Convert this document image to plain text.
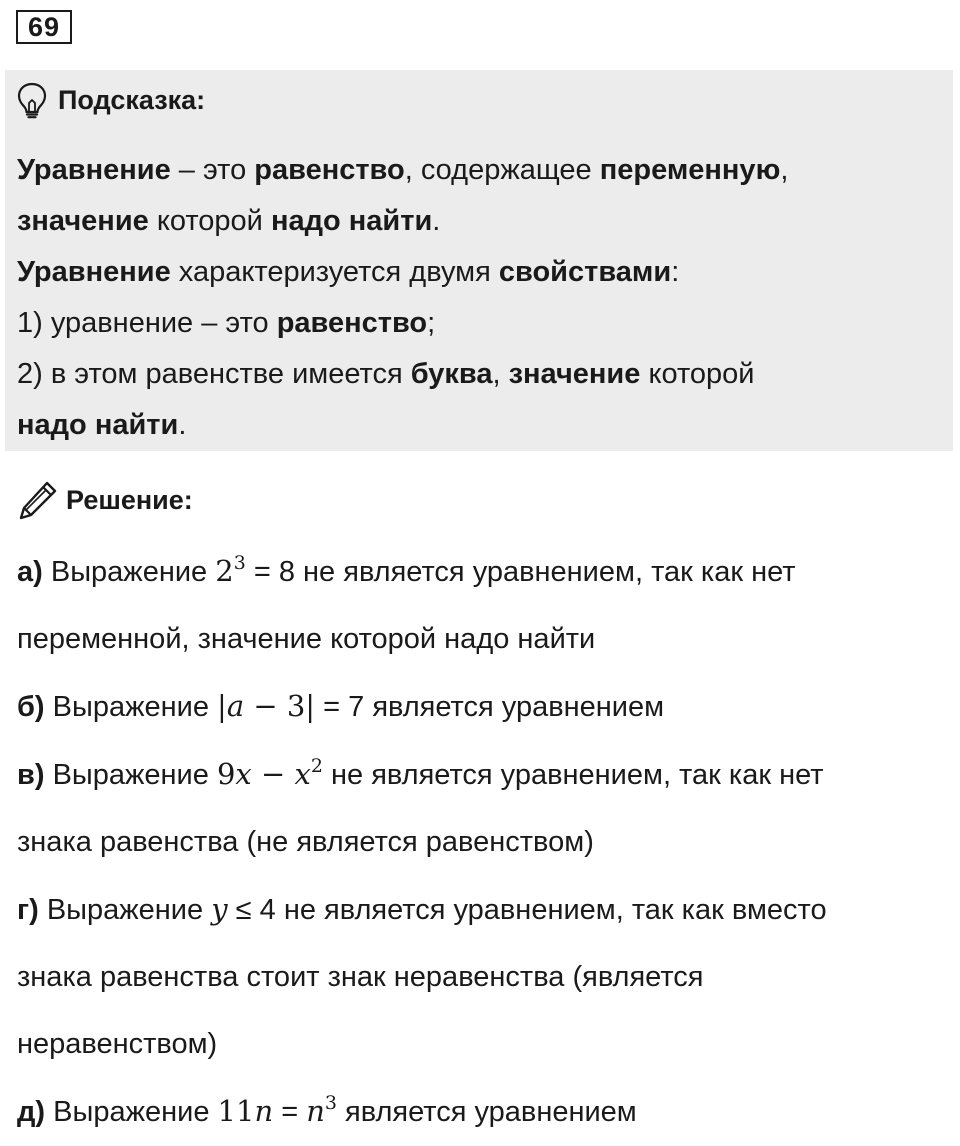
69
Подсказка:

Уравнение – это равенство, содержащее переменную,

значение которой надо найти.

Уравнение характеризуется двумя свойствами:

1) уравнение – это равенство;

2) в этом равенстве имеется буква, значение которой

надо найти.

Решение:

а) Выражение $2^3 = 8$ не является уравнением, так как нет

переменной, значение которой надо найти

б) Выражение |a − 3| = 7 является уравнением

в) Выражение $9x - x^2$ не является уравнением, так как нет

знака равенства (не является равенством)

г) Выражение y ≤ 4 не является уравнением, так как вместо

знака равенства стоит знак неравенства (является

неравенством)

д) Выражение $11n = n^3$ является уравнением
